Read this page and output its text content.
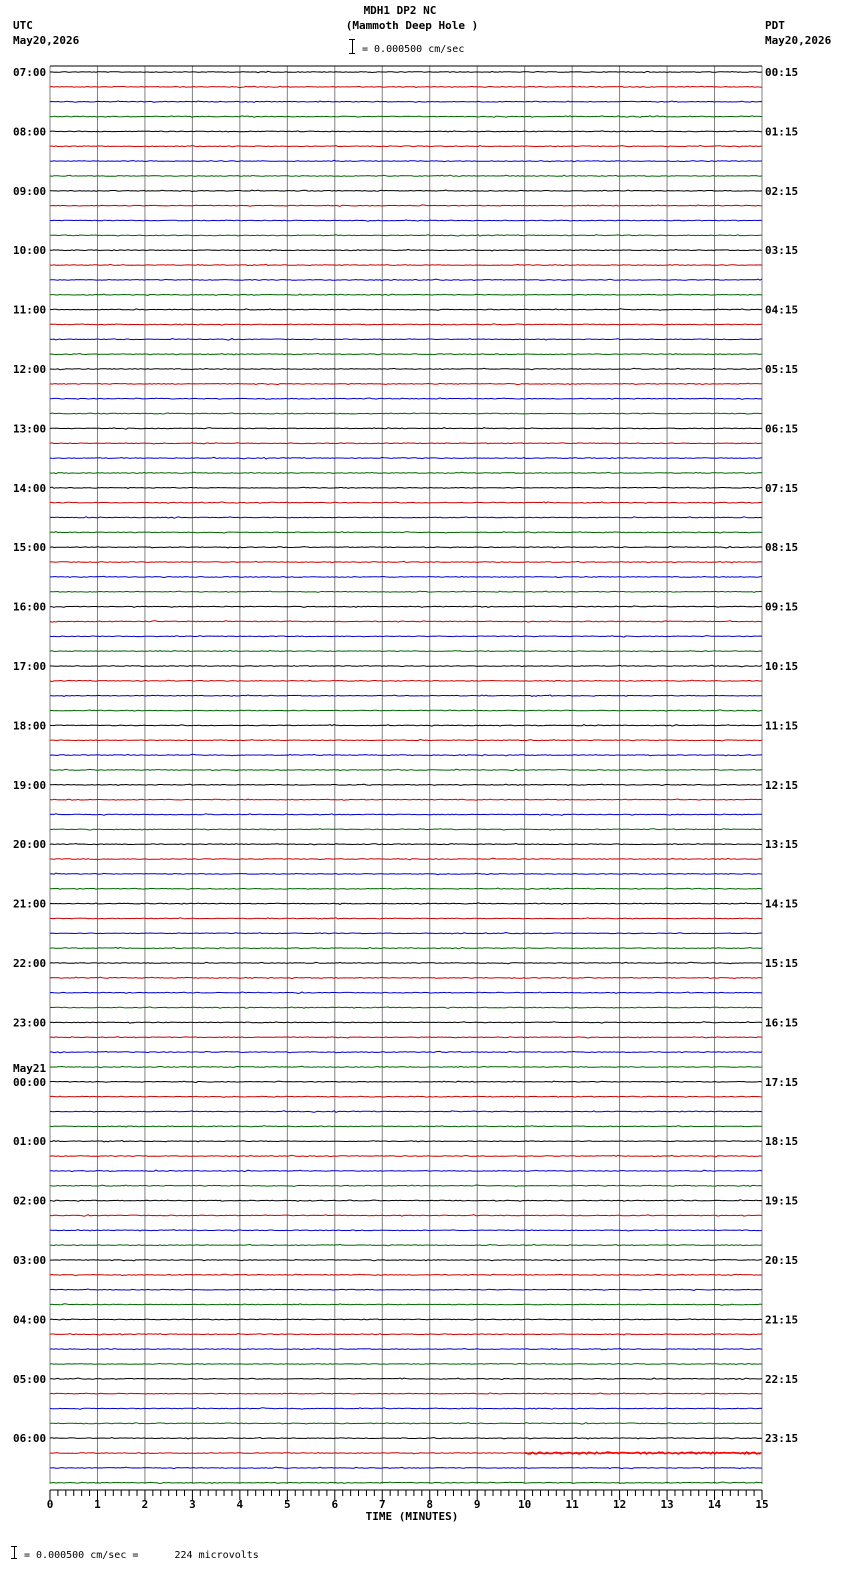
MDH1 DP2 NC
(Mammoth Deep Hole )
= 0.000500 cm/sec
UTC
May20,2026
PDT
May20,2026
0	1	2	3	4	5	6	7	8	9	10	11	12	13	14	15
TIME (MINUTES)
07:00
08:00
09:00
10:00
11:00
12:00
13:00
14:00
15:00
16:00
17:00
18:00
19:00
20:00
21:00
22:00
23:00
00:00
01:00
02:00
03:00
04:00
05:00
06:00
00:15
01:15
02:15
03:15
04:15
05:15
06:15
07:15
08:15
09:15
10:15
11:15
12:15
13:15
14:15
15:15
16:15
17:15
18:15
19:15
20:15
21:15
22:15
23:15
May21
= 0.000500 cm/sec =      224 microvolts
